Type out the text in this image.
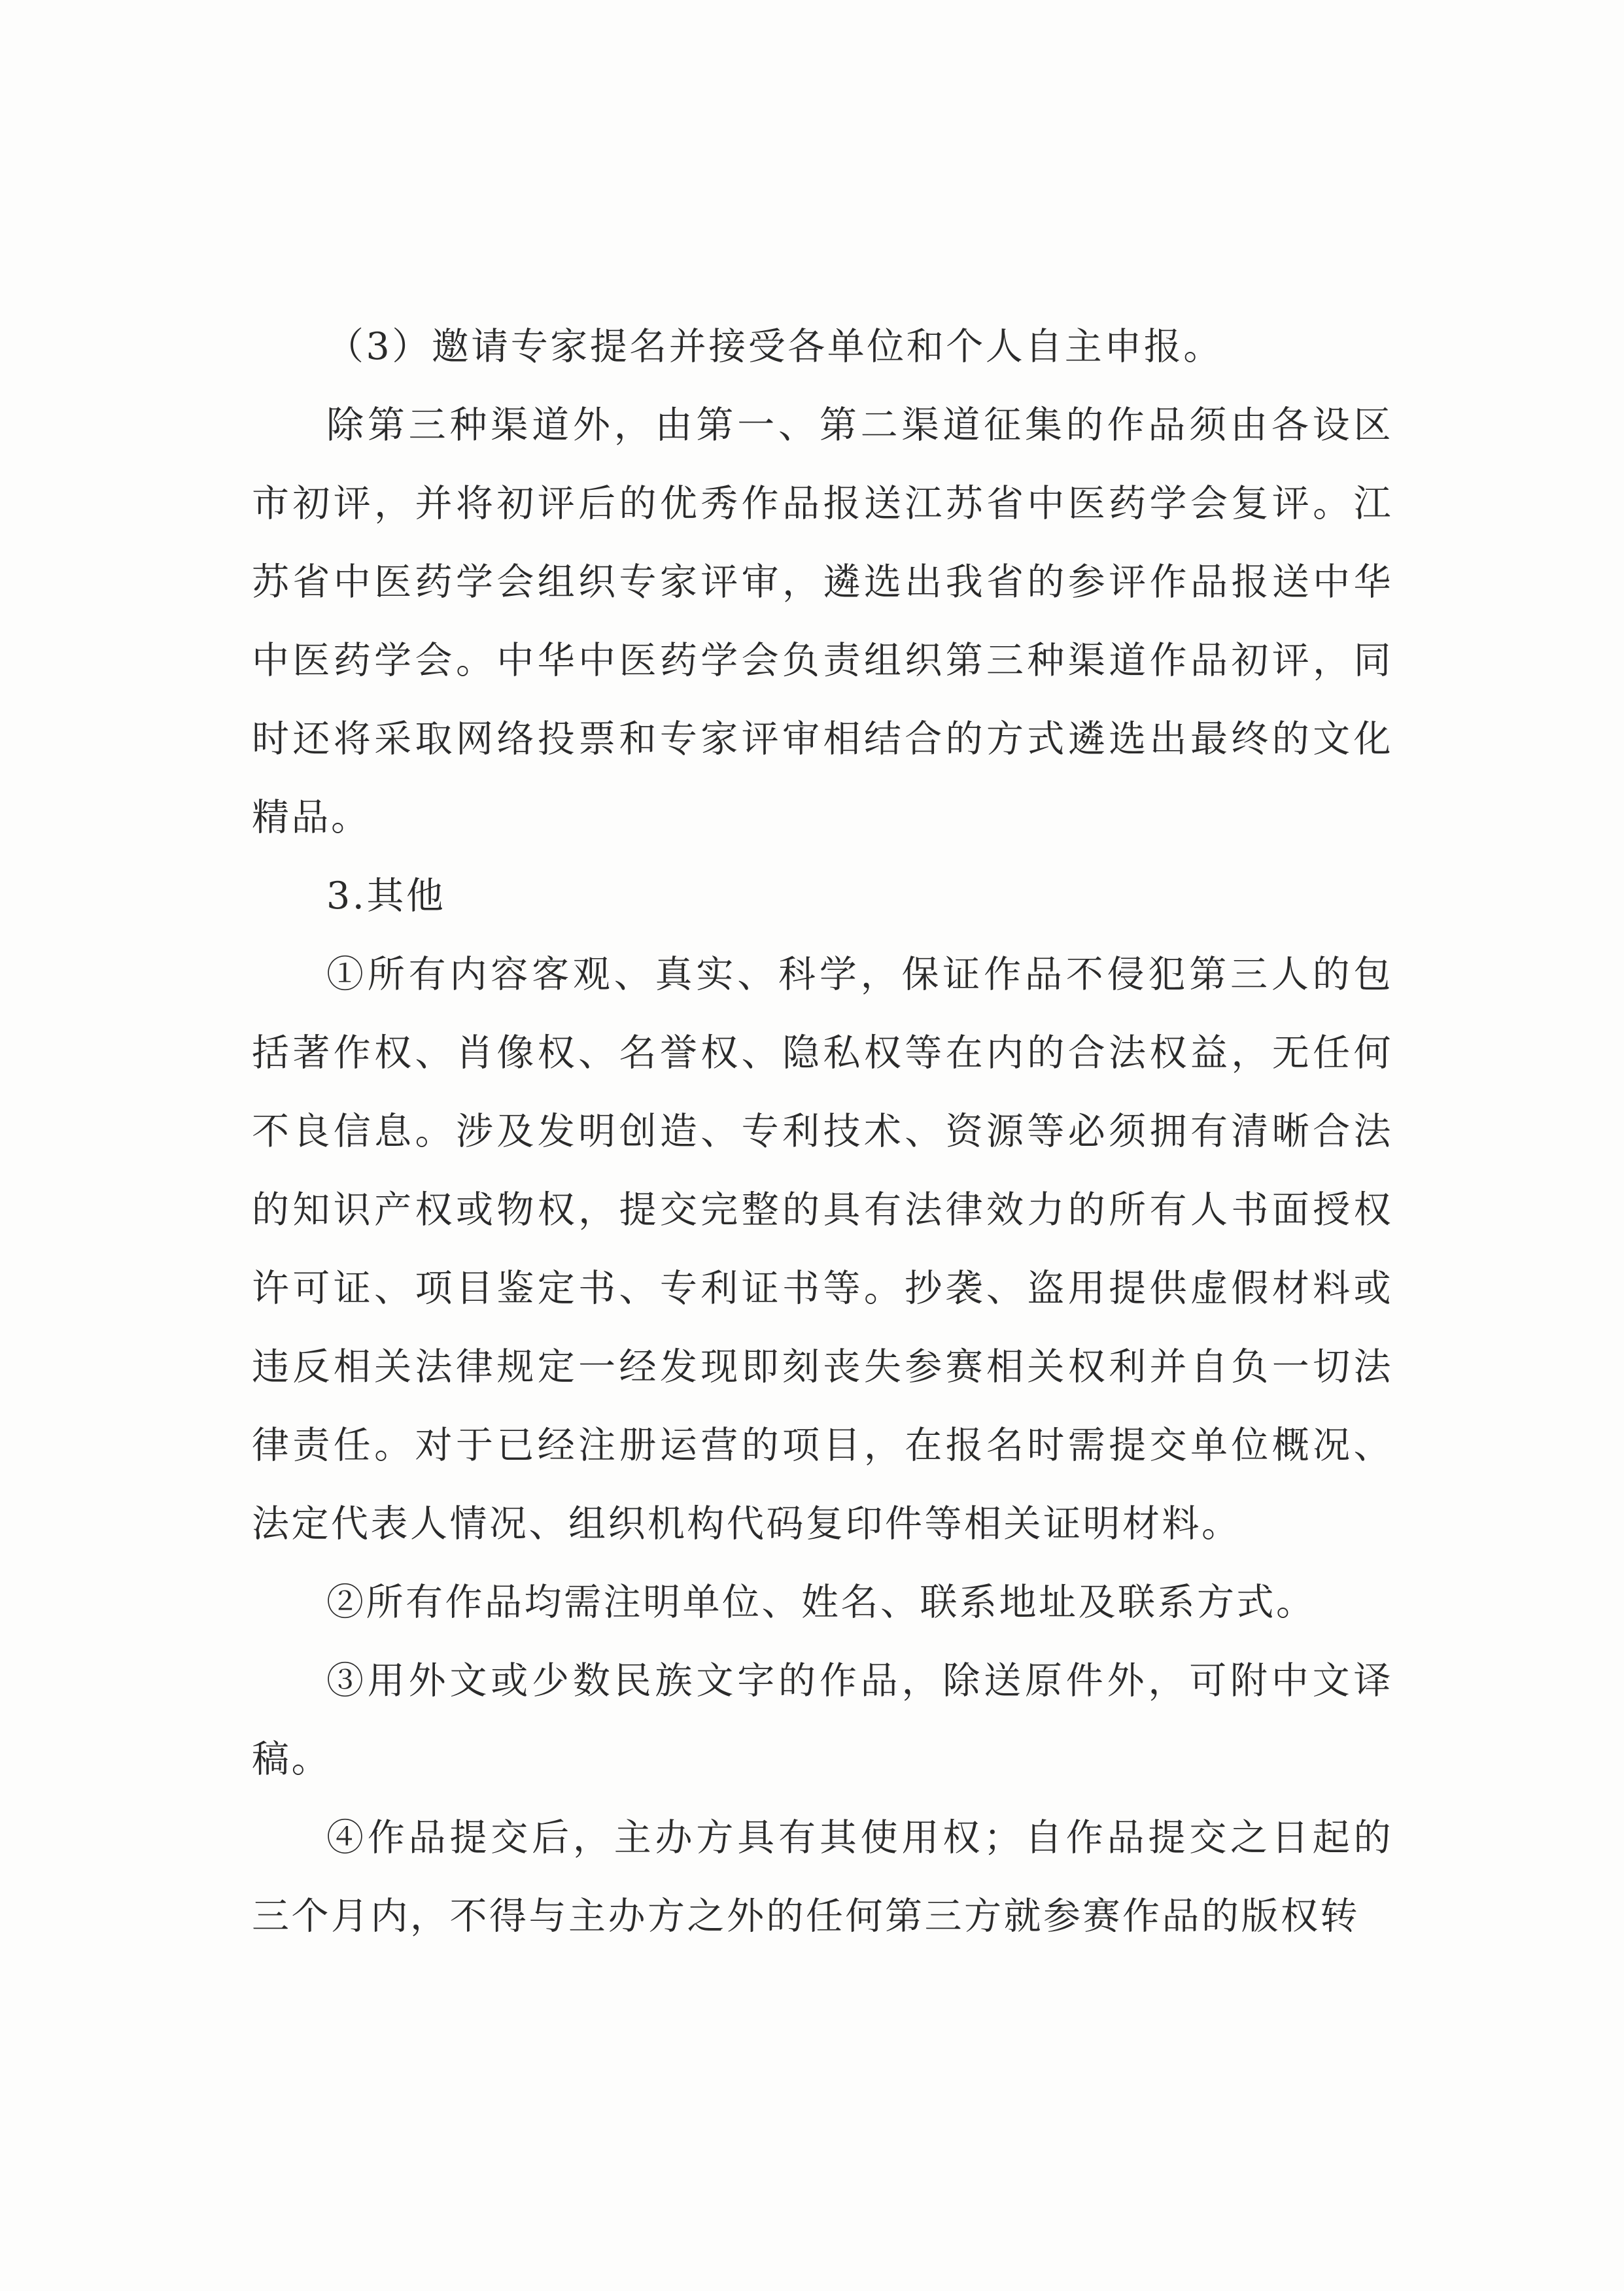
（3）邀请专家提名并接受各单位和个人自主申报。

除第三种渠道外，由第一、第二渠道征集的作品须由各设区市初评，并将初评后的优秀作品报送江苏省中医药学会复评。江苏省中医药学会组织专家评审，遴选出我省的参评作品报送中华中医药学会。中华中医药学会负责组织第三种渠道作品初评，同时还将采取网络投票和专家评审相结合的方式遴选出最终的文化精品。

3.其他

①所有内容客观、真实、科学，保证作品不侵犯第三人的包括著作权、肖像权、名誉权、隐私权等在内的合法权益，无任何不良信息。涉及发明创造、专利技术、资源等必须拥有清晰合法的知识产权或物权，提交完整的具有法律效力的所有人书面授权许可证、项目鉴定书、专利证书等。抄袭、盗用提供虚假材料或违反相关法律规定一经发现即刻丧失参赛相关权利并自负一切法律责任。对于已经注册运营的项目，在报名时需提交单位概况、法定代表人情况、组织机构代码复印件等相关证明材料。

②所有作品均需注明单位、姓名、联系地址及联系方式。

③用外文或少数民族文字的作品，除送原件外，可附中文译稿。

④作品提交后，主办方具有其使用权；自作品提交之日起的三个月内，不得与主办方之外的任何第三方就参赛作品的版权转
